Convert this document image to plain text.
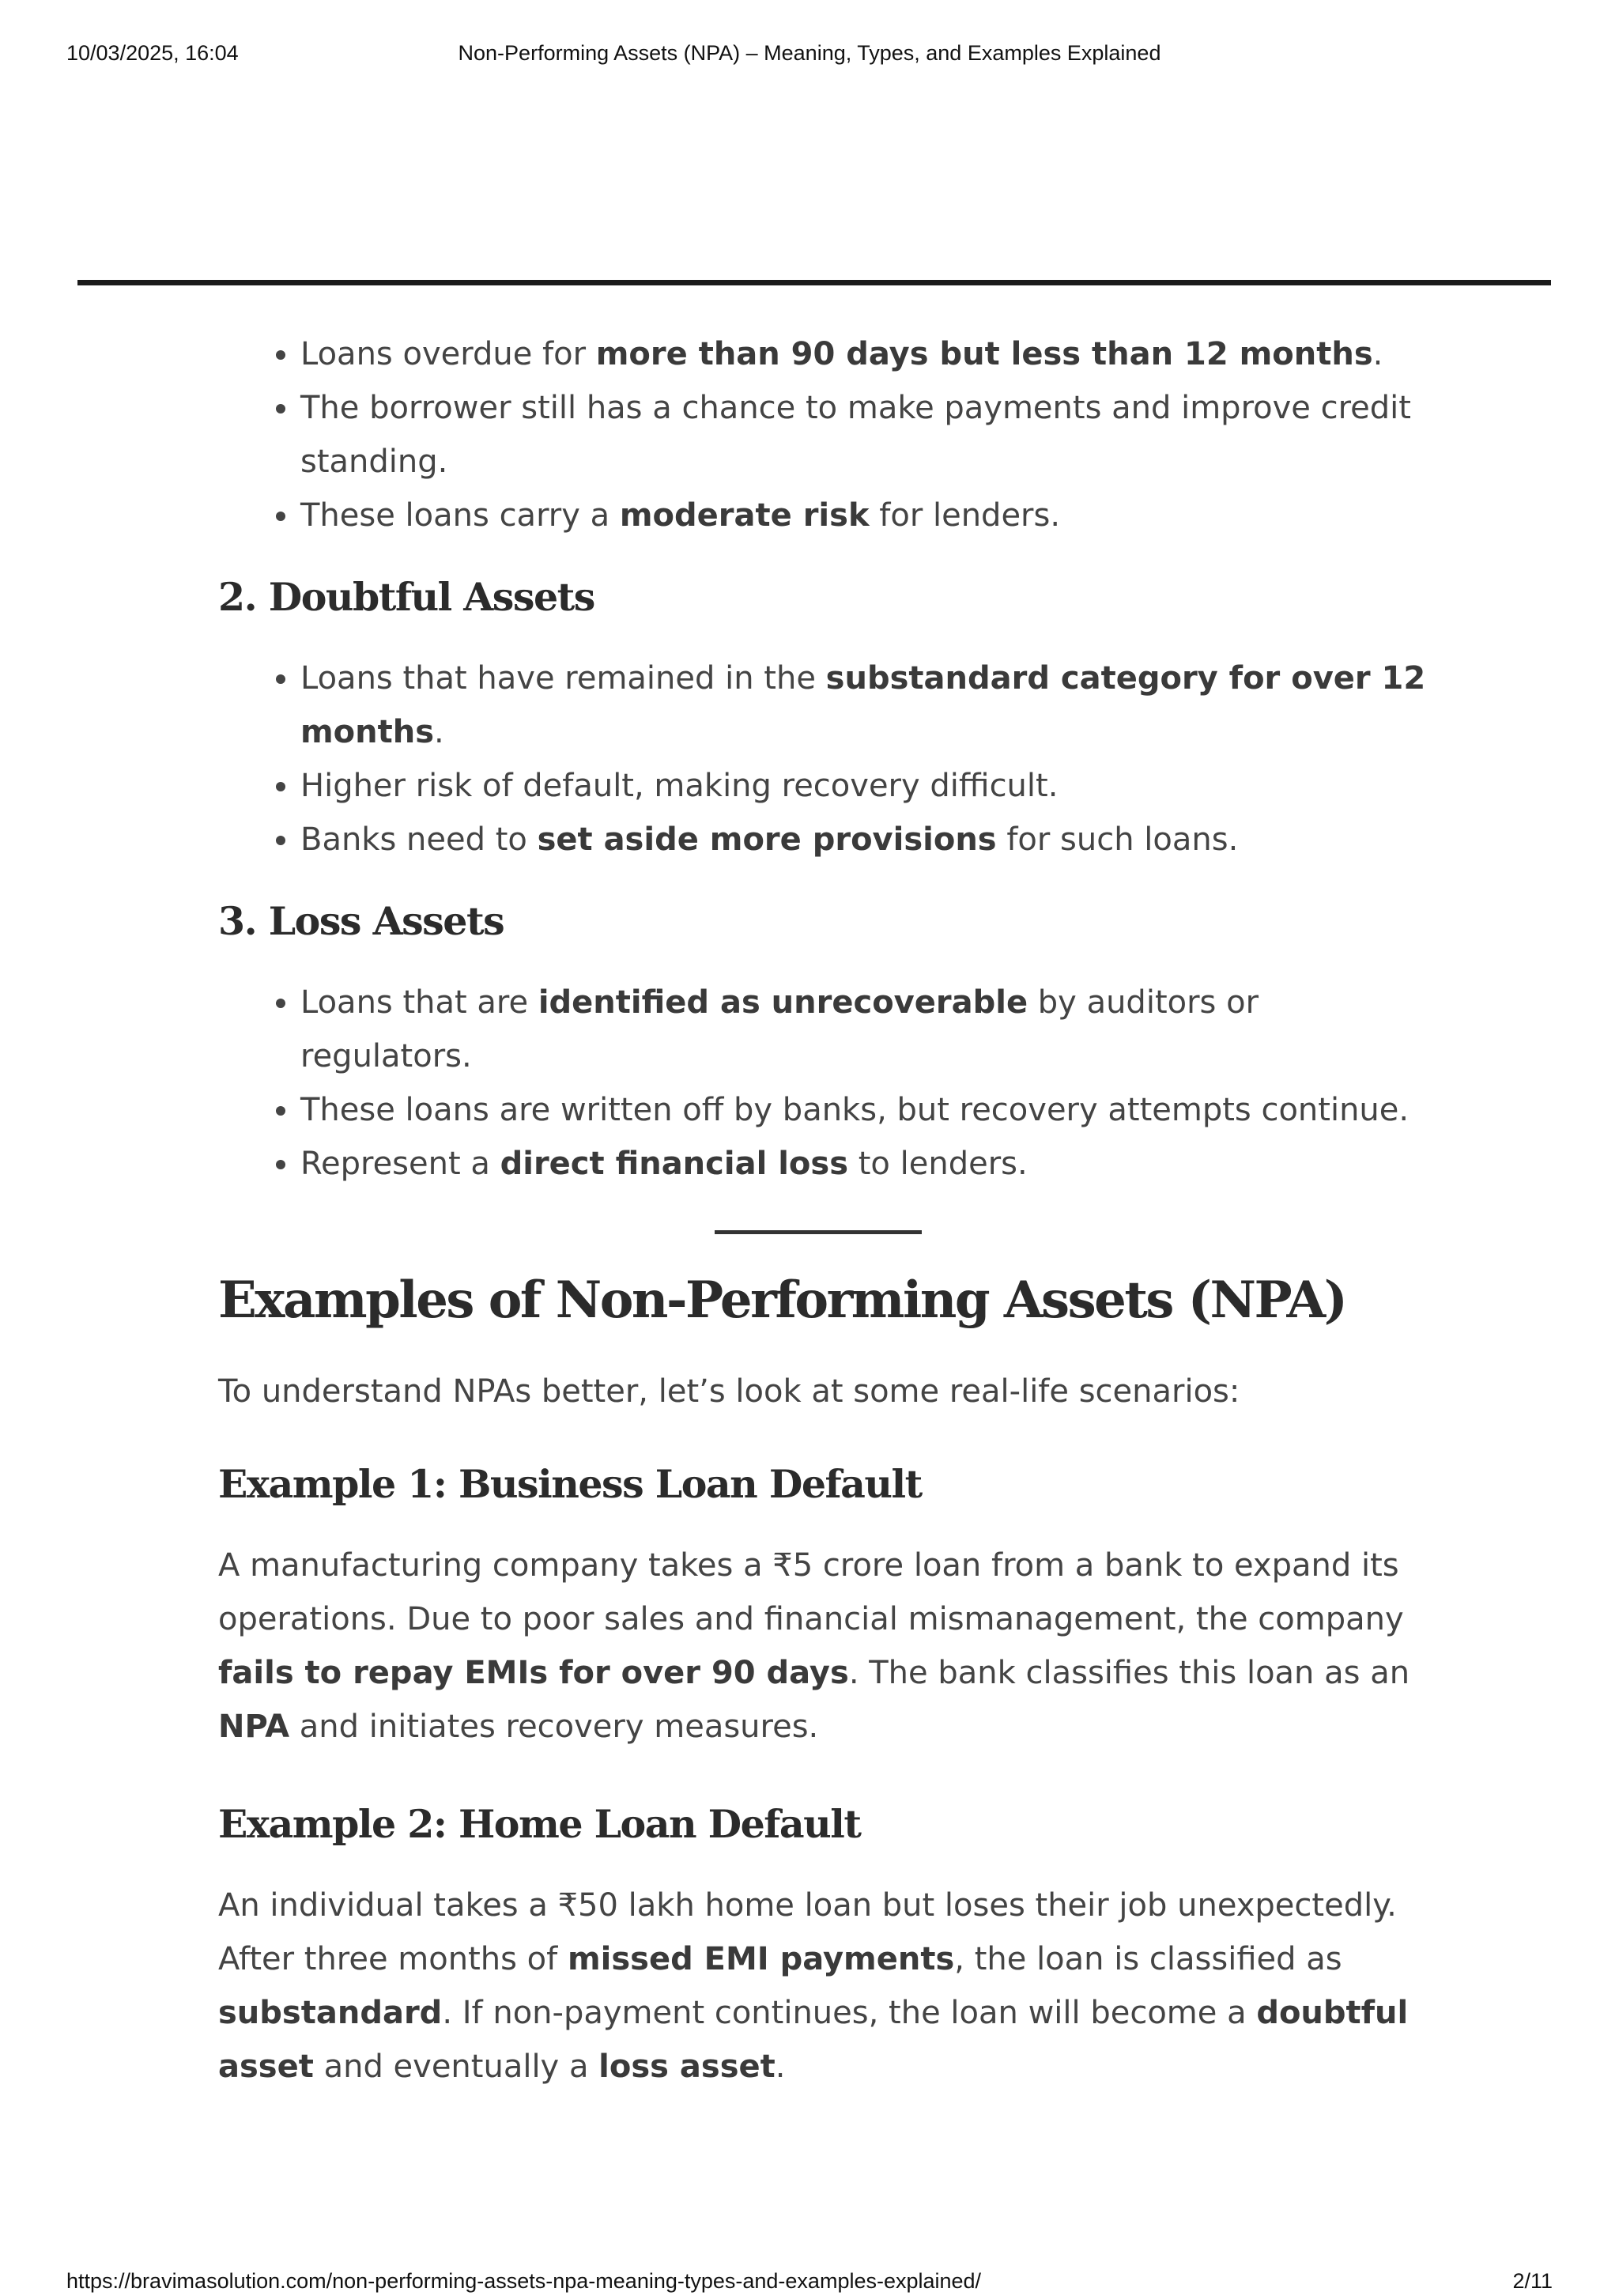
10/03/2025, 16:04	Non-Performing Assets (NPA) – Meaning, Types, and Examples Explained
• Loans overdue for more than 90 days but less than 12 months.
• The borrower still has a chance to make payments and improve credit standing.
• These loans carry a moderate risk for lenders.
2. Doubtful Assets
• Loans that have remained in the substandard category for over 12 months.
• Higher risk of default, making recovery difficult.
• Banks need to set aside more provisions for such loans.
3. Loss Assets
• Loans that are identified as unrecoverable by auditors or regulators.
• These loans are written off by banks, but recovery attempts continue.
• Represent a direct financial loss to lenders.
Examples of Non-Performing Assets (NPA)

To understand NPAs better, let’s look at some real-life scenarios:

Example 1: Business Loan Default

A manufacturing company takes a ₹5 crore loan from a bank to expand its operations. Due to poor sales and financial mismanagement, the company fails to repay EMIs for over 90 days. The bank classifies this loan as an NPA and initiates recovery measures.

Example 2: Home Loan Default

An individual takes a ₹50 lakh home loan but loses their job unexpectedly. After three months of missed EMI payments, the loan is classified as substandard. If non-payment continues, the loan will become a doubtful asset and eventually a loss asset.

https://bravimasolution.com/non-performing-assets-npa-meaning-types-and-examples-explained/	2/11
